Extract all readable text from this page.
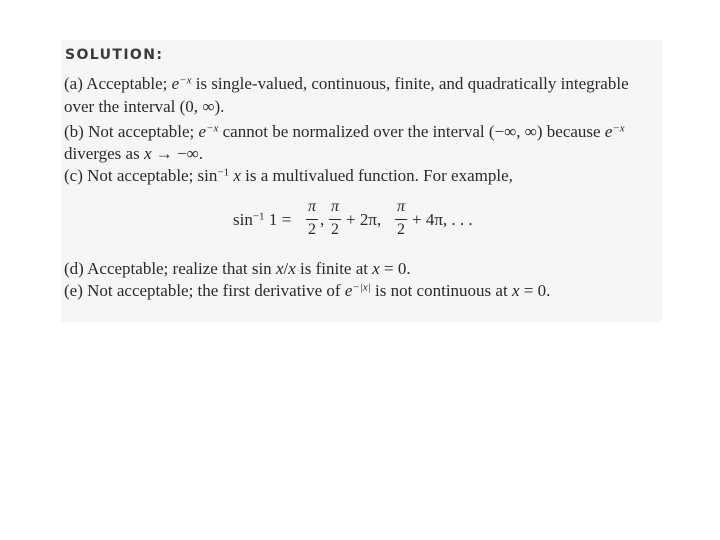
SOLUTION:
(a) Acceptable; $e^{-x}$ is single-valued, continuous, finite, and quadratically integrable
over the interval (0, ∞).
(b) Not acceptable; $e^{-x}$ cannot be normalized over the interval (−∞, ∞) because $e^{-x}$
diverges as x → −∞.
(c) Not acceptable; $\sin^{-1} x$ is a multivalued function. For example,
$\sin^{-1} 1$ =
π
2
,
π
2
+ 2π,
π
2
+ 4π, . . .
(d) Acceptable; realize that sin x/x is finite at x = 0.
(e) Not acceptable; the first derivative of $e^{-|x|}$ is not continuous at x = 0.
